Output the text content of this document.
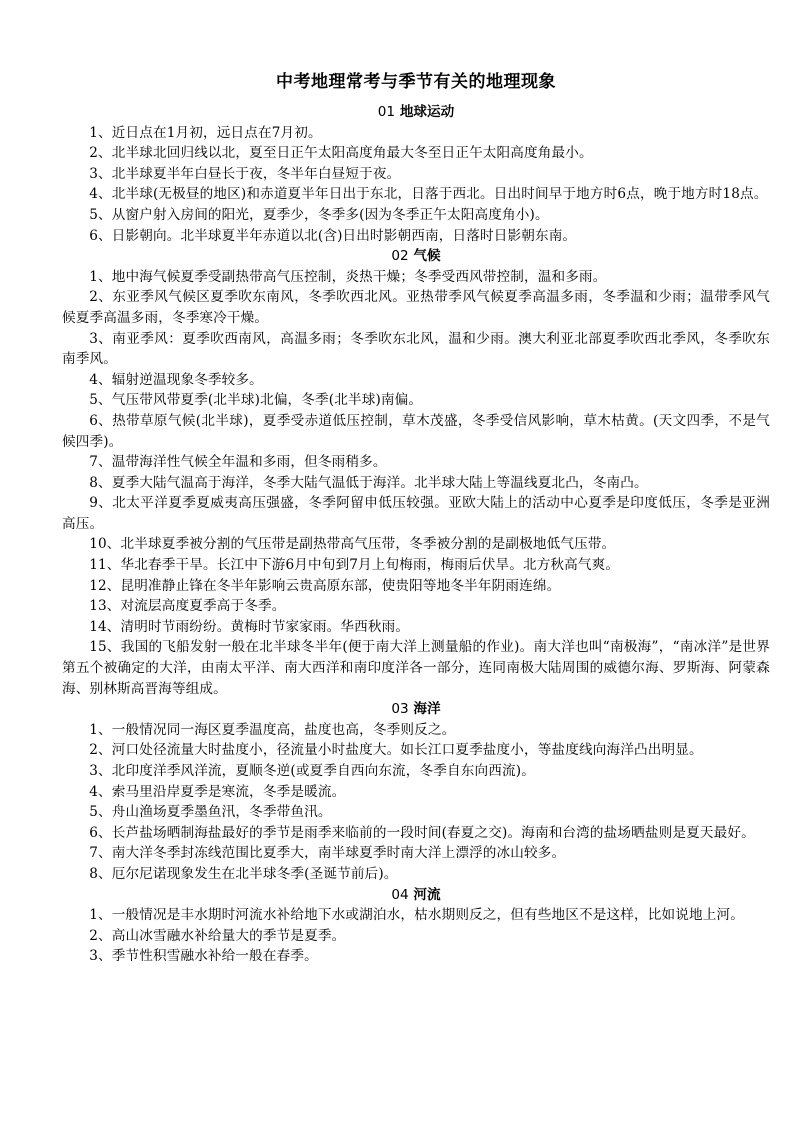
中考地理常考与季节有关的地理现象
01 地球运动

1、近日点在1月初，远日点在7月初。

2、北半球北回归线以北，夏至日正午太阳高度角最大冬至日正午太阳高度角最小。

3、北半球夏半年白昼长于夜，冬半年白昼短于夜。

4、北半球(无极昼的地区)和赤道夏半年日出于东北，日落于西北。日出时间早于地方时6点，晚于地方时18点。

5、从窗户射入房间的阳光，夏季少，冬季多(因为冬季正午太阳高度角小)。

6、日影朝向。北半球夏半年赤道以北(含)日出时影朝西南，日落时日影朝东南。

02 气候

1、地中海气候夏季受副热带高气压控制，炎热干燥；冬季受西风带控制，温和多雨。

2、东亚季风气候区夏季吹东南风，冬季吹西北风。亚热带季风气候夏季高温多雨，冬季温和少雨；温带季风气候夏季高温多雨，冬季寒冷干燥。

3、南亚季风：夏季吹西南风，高温多雨；冬季吹东北风，温和少雨。澳大利亚北部夏季吹西北季风，冬季吹东南季风。

4、辐射逆温现象冬季较多。

5、气压带风带夏季(北半球)北偏，冬季(北半球)南偏。

6、热带草原气候(北半球)，夏季受赤道低压控制，草木茂盛，冬季受信风影响，草木枯黄。(天文四季，不是气候四季)。

7、温带海洋性气候全年温和多雨，但冬雨稍多。

8、夏季大陆气温高于海洋，冬季大陆气温低于海洋。北半球大陆上等温线夏北凸，冬南凸。

9、北太平洋夏季夏威夷高压强盛，冬季阿留申低压较强。亚欧大陆上的活动中心夏季是印度低压，冬季是亚洲高压。

10、北半球夏季被分割的气压带是副热带高气压带，冬季被分割的是副极地低气压带。

11、华北春季干旱。长江中下游6月中旬到7月上旬梅雨，梅雨后伏旱。北方秋高气爽。

12、昆明准静止锋在冬半年影响云贵高原东部，使贵阳等地冬半年阴雨连绵。

13、对流层高度夏季高于冬季。

14、清明时节雨纷纷。黄梅时节家家雨。华西秋雨。

15、我国的飞船发射一般在北半球冬半年(便于南大洋上测量船的作业)。南大洋也叫“南极海”，“南冰洋”是世界第五个被确定的大洋，由南太平洋、南大西洋和南印度洋各一部分，连同南极大陆周围的威德尔海、罗斯海、阿蒙森海、别林斯高晋海等组成。

03 海洋

1、一般情况同一海区夏季温度高，盐度也高，冬季则反之。

2、河口处径流量大时盐度小，径流量小时盐度大。如长江口夏季盐度小，等盐度线向海洋凸出明显。

3、北印度洋季风洋流，夏顺冬逆(或夏季自西向东流，冬季自东向西流)。

4、索马里沿岸夏季是寒流，冬季是暖流。

5、舟山渔场夏季墨鱼汛，冬季带鱼汛。

6、长芦盐场晒制海盐最好的季节是雨季来临前的一段时间(春夏之交)。海南和台湾的盐场晒盐则是夏天最好。

7、南大洋冬季封冻线范围比夏季大，南半球夏季时南大洋上漂浮的冰山较多。

8、厄尔尼诺现象发生在北半球冬季(圣诞节前后)。

04 河流

1、一般情况是丰水期时河流水补给地下水或湖泊水，枯水期则反之，但有些地区不是这样，比如说地上河。

2、高山冰雪融水补给量大的季节是夏季。

3、季节性积雪融水补给一般在春季。
